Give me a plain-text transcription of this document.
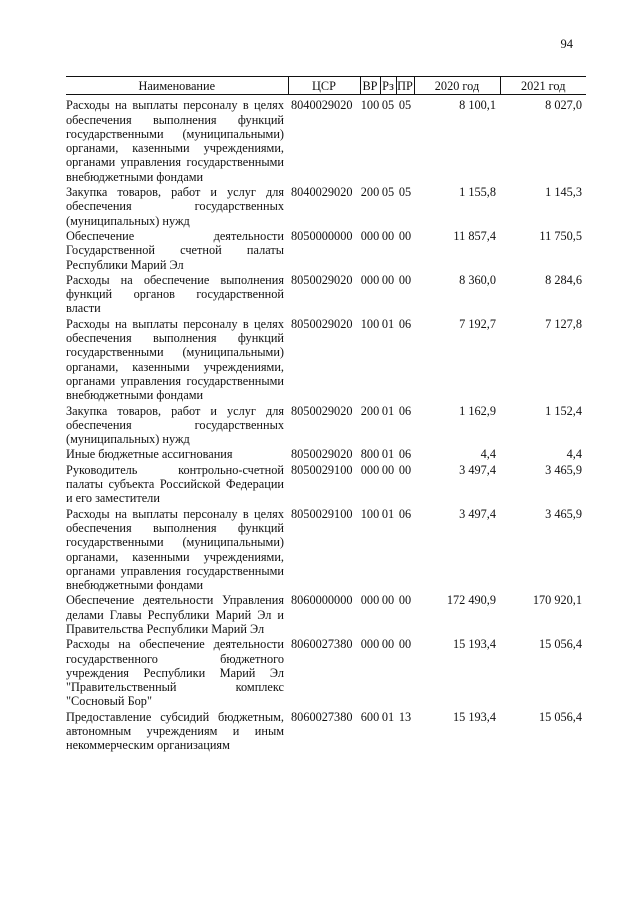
94
Наименование	ЦСР	ВР	Рз	ПР	2020 год	2021 год
Расходы на выплаты персоналу в целях обеспечения выполнения функций государственными (муниципальными) органами, казенными учреждениями, органами управления государственными внебюджетными фондами	8040029020	100	05	05	8 100,1	8 027,0
Закупка товаров, работ и услуг для обеспечения государственных (муниципальных) нужд	8040029020	200	05	05	1 155,8	1 145,3
Обеспечение деятельности Государственной счетной палаты Республики Марий Эл	8050000000	000	00	00	11 857,4	11 750,5
Расходы на обеспечение выполнения функций органов государственной власти	8050029020	000	00	00	8 360,0	8 284,6
Расходы на выплаты персоналу в целях обеспечения выполнения функций государственными (муниципальными) органами, казенными учреждениями, органами управления государственными внебюджетными фондами	8050029020	100	01	06	7 192,7	7 127,8
Закупка товаров, работ и услуг для обеспечения государственных (муниципальных) нужд	8050029020	200	01	06	1 162,9	1 152,4
Иные бюджетные ассигнования	8050029020	800	01	06	4,4	4,4
Руководитель контрольно-счетной палаты субъекта Российской Федерации и его заместители	8050029100	000	00	00	3 497,4	3 465,9
Расходы на выплаты персоналу в целях обеспечения выполнения функций государственными (муниципальными) органами, казенными учреждениями, органами управления государственными внебюджетными фондами	8050029100	100	01	06	3 497,4	3 465,9
Обеспечение деятельности Управления делами Главы Республики Марий Эл и Правительства Республики Марий Эл	8060000000	000	00	00	172 490,9	170 920,1
Расходы на обеспечение деятельности государственного бюджетного учреждения Республики Марий Эл "Правительственный комплекс "Сосновый Бор"	8060027380	000	00	00	15 193,4	15 056,4
Предоставление субсидий бюджетным, автономным учреждениям и иным некоммерческим организациям	8060027380	600	01	13	15 193,4	15 056,4
